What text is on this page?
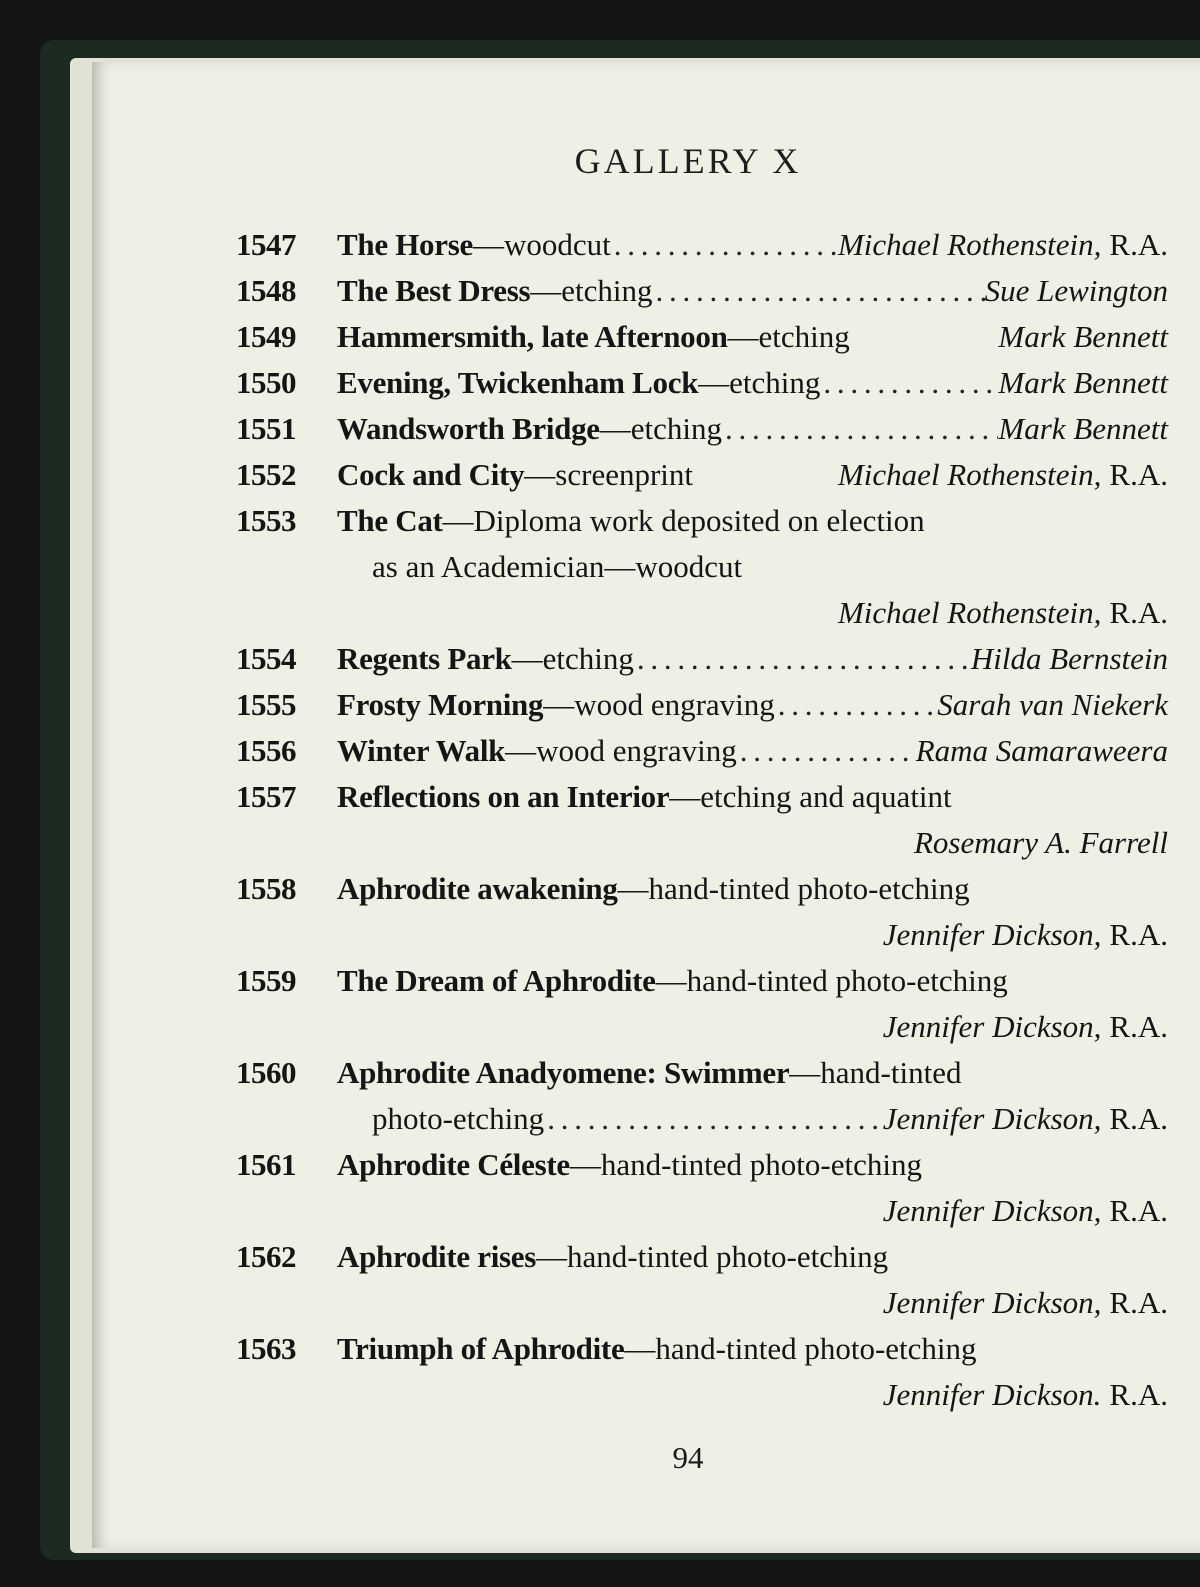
GALLERY X
1547	The Horse —woodcut . . .	Michael Rothenstein, R.A.
1548	The Best Dress —etching . . .	Sue Lewington
1549	Hammersmith, late Afternoon —etching	Mark Bennett
1550	Evening, Twickenham Lock —etching . . .	Mark Bennett
1551	Wandsworth Bridge —etching . . .	Mark Bennett
1552	Cock and City —screenprint	Michael Rothenstein, R.A.
1553	The Cat —Diploma work deposited on election
as an Academician—woodcut
Michael Rothenstein, R.A.
1554	Regents Park —etching . . .	Hilda Bernstein
1555	Frosty Morning —wood engraving . . .	Sarah van Niekerk
1556	Winter Walk —wood engraving . . .	Rama Samaraweera
1557	Reflections on an Interior —etching and aquatint
Rosemary A. Farrell
1558	Aphrodite awakening —hand-tinted photo-etching
Jennifer Dickson, R.A.
1559	The Dream of Aphrodite —hand-tinted photo-etching
Jennifer Dickson, R.A.
1560	Aphrodite Anadyomene: Swimmer —hand-tinted
photo-etching . . .	Jennifer Dickson, R.A.
1561	Aphrodite Céleste —hand-tinted photo-etching
Jennifer Dickson, R.A.
1562	Aphrodite rises —hand-tinted photo-etching
Jennifer Dickson, R.A.
1563	Triumph of Aphrodite —hand-tinted photo-etching
Jennifer Dickson. R.A.
94
